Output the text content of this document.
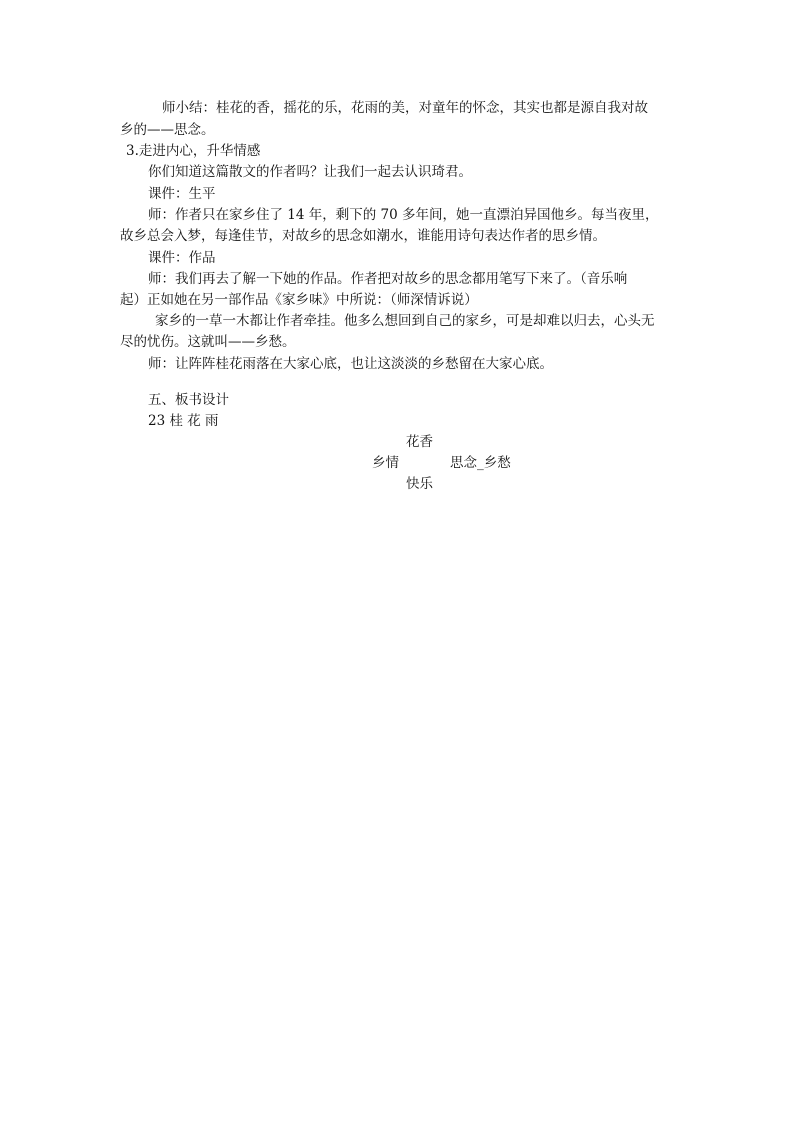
师小结：桂花的香，摇花的乐，花雨的美，对童年的怀念，其实也都是源自我对故
乡的——思念。
3.走进内心，升华情感
你们知道这篇散文的作者吗？让我们一起去认识琦君。
课件：生平
师：作者只在家乡住了 14 年，剩下的 70 多年间，她一直漂泊异国他乡。每当夜里，
故乡总会入梦，每逢佳节，对故乡的思念如潮水，谁能用诗句表达作者的思乡情。
课件：作品
师：我们再去了解一下她的作品。作者把对故乡的思念都用笔写下来了。（音乐响
起）正如她在另一部作品《家乡味》中所说：（师深情诉说）
家乡的一草一木都让作者牵挂。他多么想回到自己的家乡，可是却难以归去，心头无
尽的忧伤。这就叫——乡愁。
师：让阵阵桂花雨落在大家心底，也让这淡淡的乡愁留在大家心底。
五、板书设计
23 桂 花 雨
花香
乡情	思念_乡愁
快乐
